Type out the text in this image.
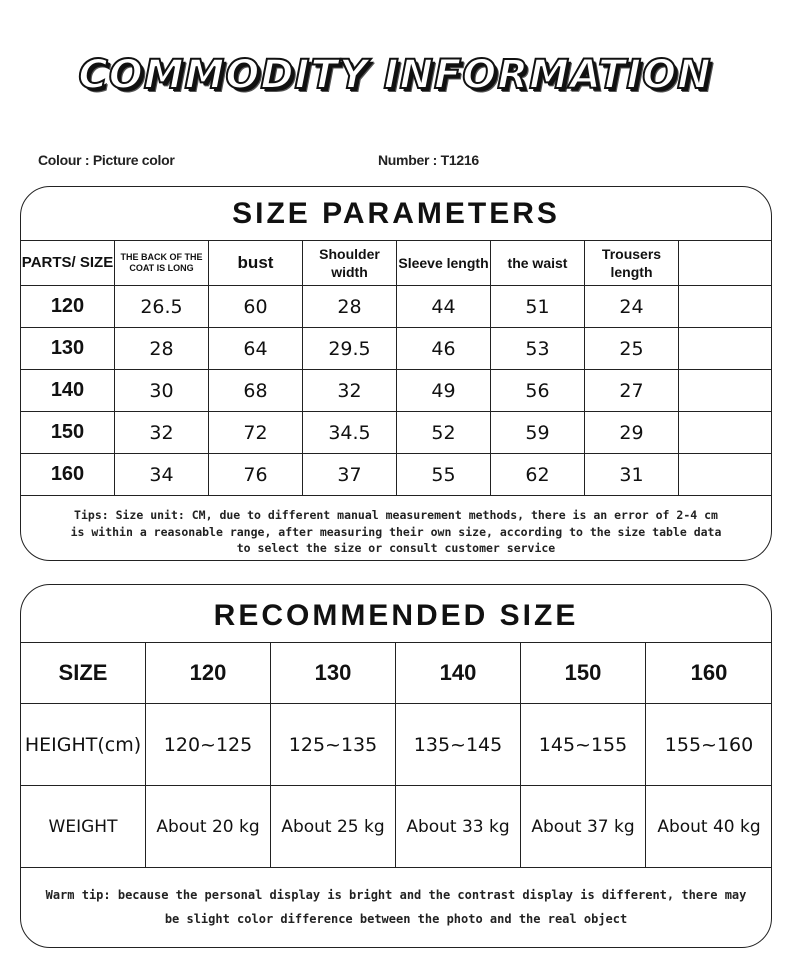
COMMODITY INFORMATION
Colour : Picture color	Number : T1216
SIZE PARAMETERS
PARTS/ SIZE	THE BACK OF THE COAT IS LONG	bust	Shoulder width	Sleeve length	the waist	Trousers length	
120	26.5	60	28	44	51	24	
130	28	64	29.5	46	53	25	
140	30	68	32	49	56	27	
150	32	72	34.5	52	59	29	
160	34	76	37	55	62	31	
Tips: Size unit: CM, due to different manual measurement methods, there is an error of 2-4 cm
is within a reasonable range, after measuring their own size, according to the size table data
to select the size or consult customer service
RECOMMENDED SIZE
SIZE	120	130	140	150	160
HEIGHT(cm)	120~125	125~135	135~145	145~155	155~160
WEIGHT	About 20 kg	About 25 kg	About 33 kg	About 37 kg	About 40 kg
Warm tip: because the personal display is bright and the contrast display is different, there may
be slight color difference between the photo and the real object
